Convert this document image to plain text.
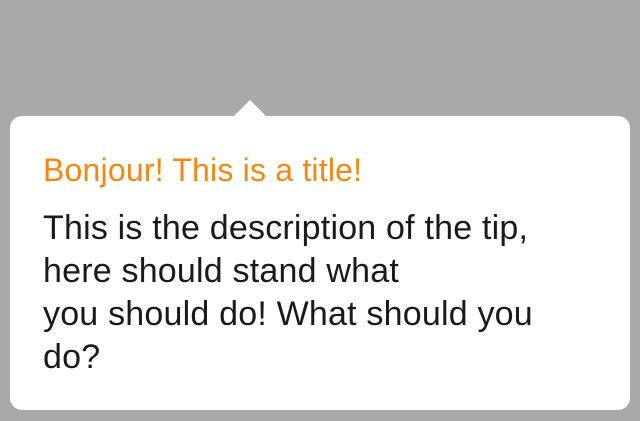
Bonjour! This is a title!

This is the description of the tip,
here should stand what
you should do! What should you
do?
